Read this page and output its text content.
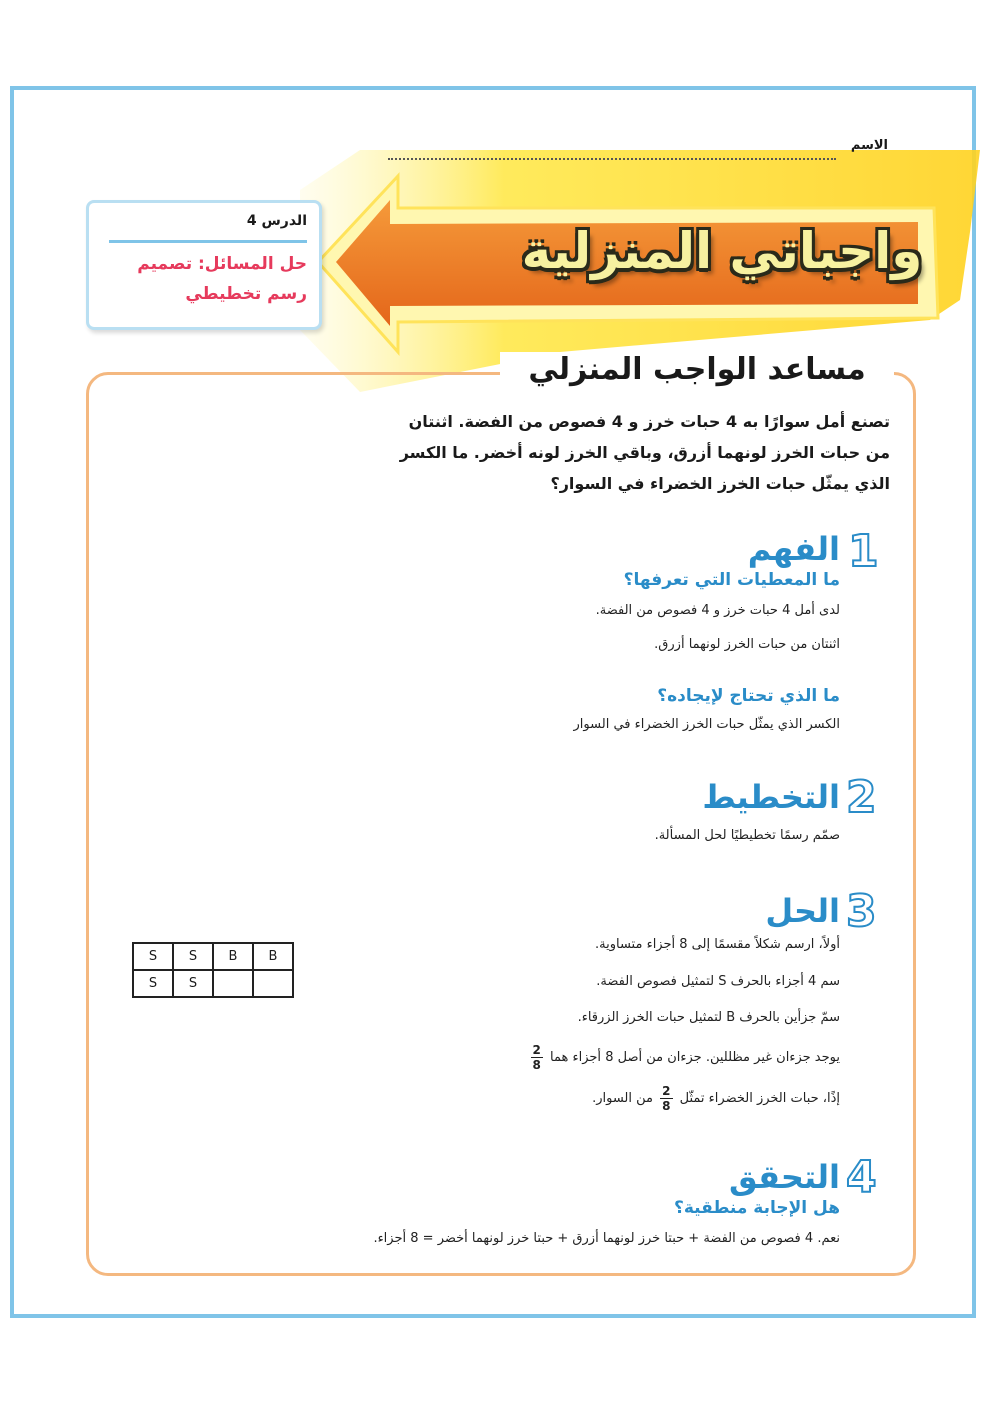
واجباتي المنزلية
الاسم
الدرس 4
حل المسائل: تصميم
رسم تخطيطي
مساعد الواجب المنزلي
تصنع أمل سوارًا به 4 حبات خرز و 4 فصوص من الفضة. اثنتان
من حبات الخرز لونهما أزرق، وباقي الخرز لونه أخضر. ما الكسر
الذي يمثّل حبات الخرز الخضراء في السوار؟
1
الفهم
ما المعطيات التي تعرفها؟
لدى أمل 4 حبات خرز و 4 فصوص من الفضة.
اثنتان من حبات الخرز لونهما أزرق.
ما الذي تحتاج لإيجاده؟
الكسر الذي يمثّل حبات الخرز الخضراء في السوار
2
التخطيط
صمّم رسمًا تخطيطيًا لحل المسألة.
3
الحل
أولاً، ارسم شكلاً مقسمًا إلى 8 أجزاء متساوية.
سم 4 أجزاء بالحرف S لتمثيل فصوص الفضة.
سمّ جزأين بالحرف B لتمثيل حبات الخرز الزرقاء.
يوجد جزءان غير مظللين. جزءان من أصل 8 أجزاء هما
$\frac{2}{8}$
إذًا، حبات الخرز الخضراء تمثّل
$\frac{2}{8}$
من السوار.
S	S	B	B
S	S		
4
التحقق
هل الإجابة منطقية؟
نعم. 4 فصوص من الفضة + حبتا خرز لونهما أزرق + حبتا خرز لونهما أخضر = 8 أجزاء.
